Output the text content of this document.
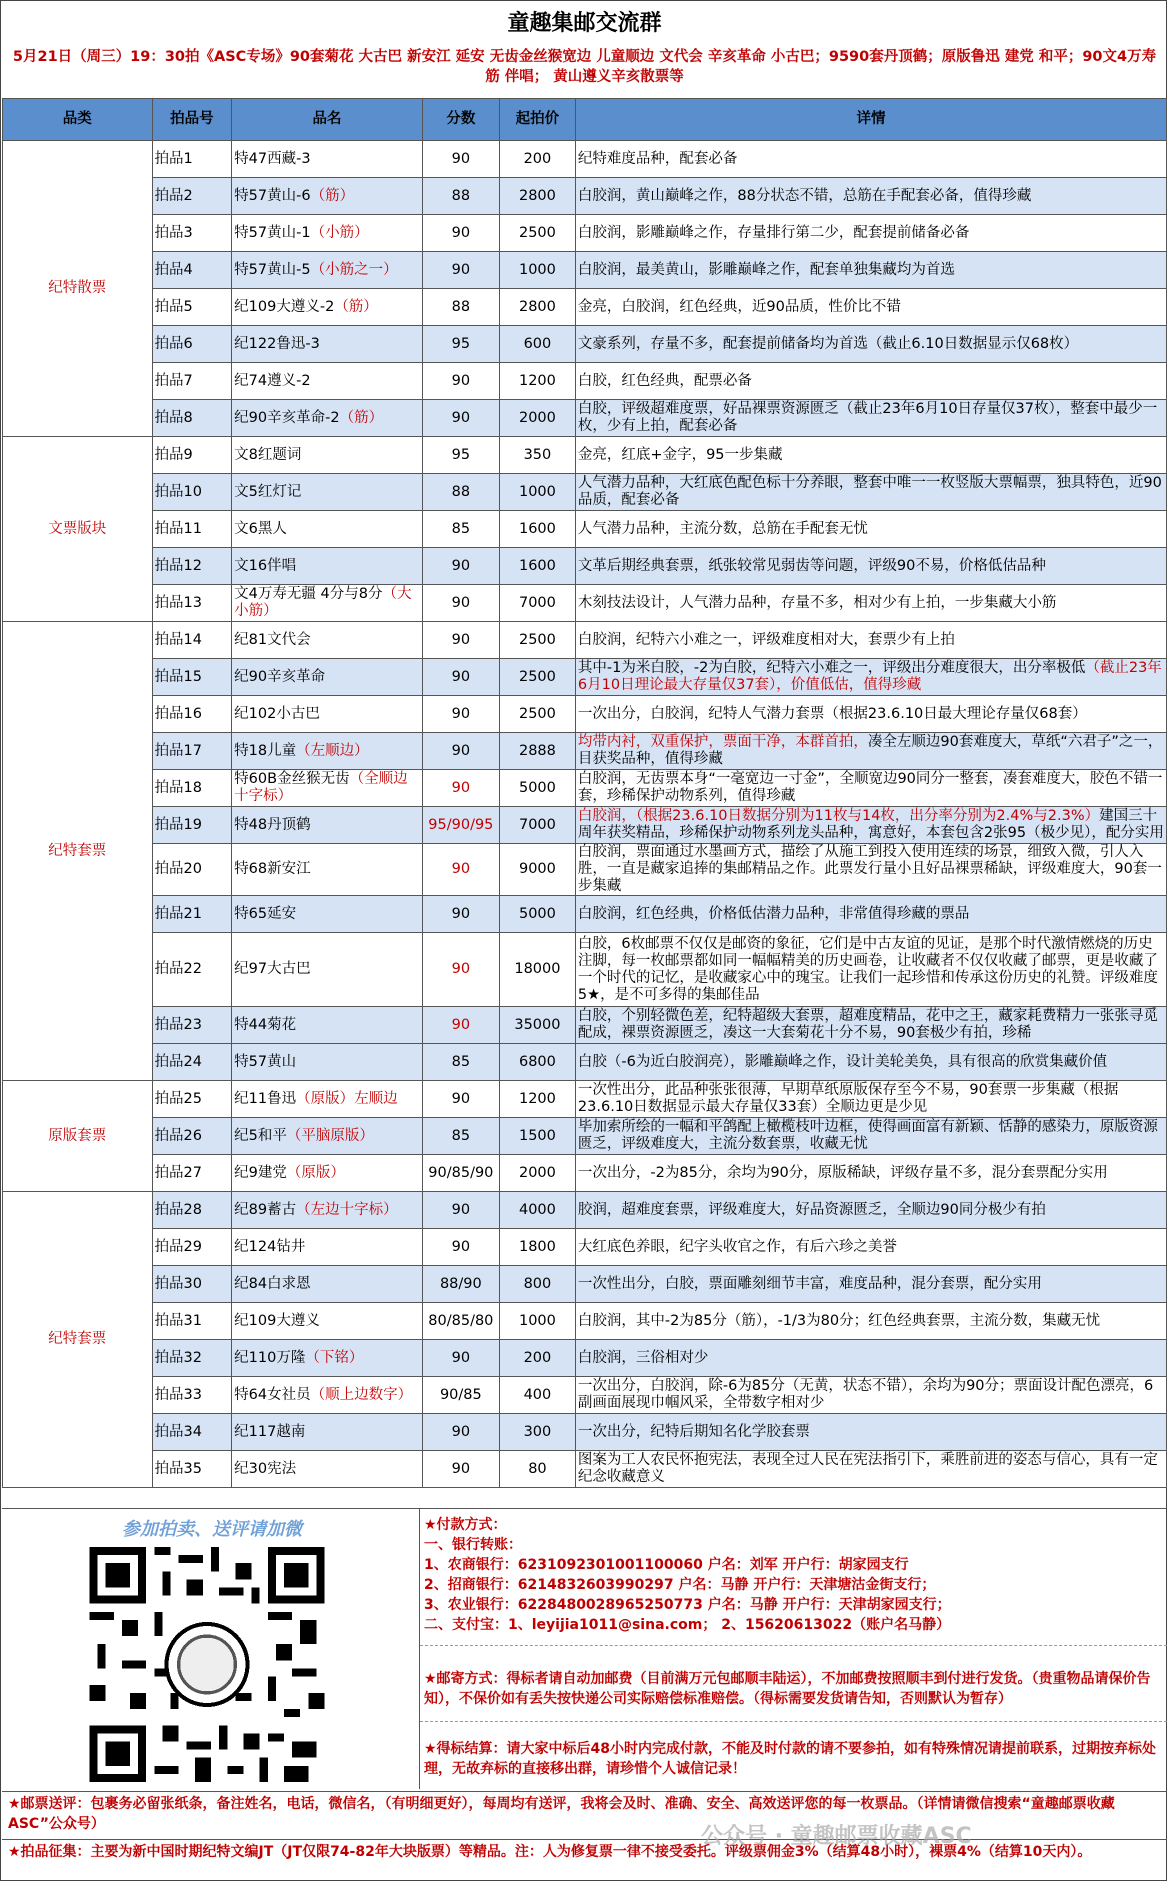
童趣集邮交流群
5月21日（周三）19：30拍《ASC专场》90套菊花 大古巴 新安江 延安 无齿金丝猴宽边 儿童顺边 文代会 辛亥革命 小古巴；9590套丹顶鹤；原版鲁迅 建党 和平；90文4万寿筋 伴唱； 黄山遵义辛亥散票等
品类	拍品号	品名	分数	起拍价	详情
纪特散票	拍品1	特47西藏-3	90	200	纪特难度品种，配套必备
	拍品2	特57黄山-6（筋）	88	2800	白胶润，黄山巅峰之作，88分状态不错，总筋在手配套必备，值得珍藏
	拍品3	特57黄山-1（小筋）	90	2500	白胶润，影雕巅峰之作，存量排行第二少，配套提前储备必备
	拍品4	特57黄山-5（小筋之一）	90	1000	白胶润，最美黄山，影雕巅峰之作，配套单独集藏均为首选
	拍品5	纪109大遵义-2（筋）	88	2800	金亮，白胶润，红色经典，近90品质，性价比不错
	拍品6	纪122鲁迅-3	95	600	文豪系列，存量不多，配套提前储备均为首选（截止6.10日数据显示仅68枚）
	拍品7	纪74遵义-2	90	1200	白胶，红色经典，配票必备
	拍品8	纪90辛亥革命-2（筋）	90	2000	白胶，评级超难度票，好品裸票资源匮乏（截止23年6月10日存量仅37枚），整套中最少一枚，少有上拍，配套必备
文票版块	拍品9	文8红题词	95	350	金亮，红底+金字，95一步集藏
	拍品10	文5红灯记	88	1000	人气潜力品种，大红底色配色标十分养眼，整套中唯一一枚竖版大票幅票，独具特色，近90品质，配套必备
	拍品11	文6黑人	85	1600	人气潜力品种，主流分数，总筋在手配套无忧
	拍品12	文16伴唱	90	1600	文革后期经典套票，纸张较常见弱齿等问题，评级90不易，价格低估品种
	拍品13	文4万寿无疆 4分与8分（大小筋）	90	7000	木刻技法设计，人气潜力品种，存量不多，相对少有上拍，一步集藏大小筋
纪特套票	拍品14	纪81文代会	90	2500	白胶润，纪特六小难之一，评级难度相对大，套票少有上拍
	拍品15	纪90辛亥革命	90	2500	其中-1为米白胶，-2为白胶，纪特六小难之一，评级出分难度很大，出分率极低（截止23年6月10日理论最大存量仅37套），价值低估，值得珍藏
	拍品16	纪102小古巴	90	2500	一次出分，白胶润，纪特人气潜力套票（根据23.6.10日最大理论存量仅68套）
	拍品17	特18儿童（左顺边）	90	2888	均带内衬，双重保护，票面干净，本群首拍，凑全左顺边90套难度大，草纸“六君子”之一，目获奖品种，值得珍藏
	拍品18	特60B金丝猴无齿（全顺边十字标）	90	5000	白胶润，无齿票本身“一毫宽边一寸金”，全顺宽边90同分一整套，凑套难度大，胶色不错一套，珍稀保护动物系列，值得珍藏
	拍品19	特48丹顶鹤	95/90/95	7000	白胶润，（根据23.6.10日数据分别为11枚与14枚，出分率分别为2.4%与2.3%）建国三十周年获奖精品，珍稀保护动物系列龙头品种，寓意好，本套包含2张95（极少见），配分实用
	拍品20	特68新安江	90	9000	白胶润，票面通过水墨画方式，描绘了从施工到投入使用连续的场景，细致入微，引人入胜，一直是藏家追捧的集邮精品之作。此票发行量小且好品裸票稀缺，评级难度大，90套一步集藏
	拍品21	特65延安	90	5000	白胶润，红色经典，价格低估潜力品种，非常值得珍藏的票品
	拍品22	纪97大古巴	90	18000	白胶，6枚邮票不仅仅是邮资的象征，它们是中古友谊的见证，是那个时代激情燃烧的历史注脚，每一枚邮票都如同一幅幅精美的历史画卷，让收藏者不仅仅收藏了邮票，更是收藏了一个时代的记忆，是收藏家心中的瑰宝。让我们一起珍惜和传承这份历史的礼赞。评级难度5★，是不可多得的集邮佳品
	拍品23	特44菊花	90	35000	白胶，个别轻微色差，纪特超级大套票，超难度精品，花中之王，藏家耗费精力一张张寻觅配成，裸票资源匮乏，凑这一大套菊花十分不易，90套极少有拍，珍稀
	拍品24	特57黄山	85	6800	白胶（-6为近白胶润亮），影雕巅峰之作，设计美轮美奂，具有很高的欣赏集藏价值
原版套票	拍品25	纪11鲁迅（原版）左顺边	90	1200	一次性出分，此品种张张很薄，早期草纸原版保存至今不易，90套票一步集藏（根据23.6.10日数据显示最大存量仅33套）全顺边更是少见
	拍品26	纪5和平（平脑原版）	85	1500	毕加索所绘的一幅和平鸽配上橄榄枝叶边框，使得画面富有新颖、恬静的感染力，原版资源匮乏，评级难度大，主流分数套票，收藏无忧
	拍品27	纪9建党（原版）	90/85/90	2000	一次出分，-2为85分，余均为90分，原版稀缺，评级存量不多，混分套票配分实用
纪特套票	拍品28	纪89蓄古（左边十字标）	90	4000	胶润，超难度套票，评级难度大，好品资源匮乏，全顺边90同分极少有拍
	拍品29	纪124钻井	90	1800	大红底色养眼，纪字头收官之作，有后六珍之美誉
	拍品30	纪84白求恩	88/90	800	一次性出分，白胶，票面雕刻细节丰富，难度品种，混分套票，配分实用
	拍品31	纪109大遵义	80/85/80	1000	白胶润，其中-2为85分（筋），-1/3为80分；红色经典套票，主流分数，集藏无忧
	拍品32	纪110万隆（下铭）	90	200	白胶润，三俗相对少
	拍品33	特64女社员（顺上边数字）	90/85	400	一次出分，白胶润，除-6为85分（无黄，状态不错），余均为90分；票面设计配色漂亮，6副画面展现巾帼风采，全带数字相对少
	拍品34	纪117越南	90	300	一次出分，纪特后期知名化学胶套票
	拍品35	纪30宪法	90	80	图案为工人农民怀抱宪法，表现全过人民在宪法指引下，乘胜前进的姿态与信心，具有一定纪念收藏意义
参加拍卖、送评请加微	★付款方式：
一、银行转账：
1、农商银行：6231092301001100060 户名：刘军 开户行：胡家园支行
2、招商银行：6214832603990297 户名：马静 开户行：天津塘沽金街支行；
3、农业银行：6228480028965250773 户名：马静 开户行：天津胡家园支行；
二、支付宝：1、leyijia1011@sina.com； 2、15620613022（账户名马静）
★邮寄方式：得标者请自动加邮费（目前满万元包邮顺丰陆运），不加邮费按照顺丰到付进行发货。（贵重物品请保价告知），不保价如有丢失按快递公司实际赔偿标准赔偿。（得标需要发货请告知，否则默认为暂存）
★得标结算：请大家中标后48小时内完成付款，不能及时付款的请不要参拍，如有特殊情况请提前联系，过期按弃标处理，无故弃标的直接移出群，请珍惜个人诚信记录！
★邮票送评：包裹务必留张纸条，备注姓名，电话，微信名，（有明细更好），每周均有送评，我将会及时、准确、安全、高效送评您的每一枚票品。（详情请微信搜索“童趣邮票收藏ASC”公众号）
★拍品征集：主要为新中国时期纪特文编JT（JT仅限74-82年大块版票）等精品。注：人为修复票一律不接受委托。评级票佣金3%（结算48小时），裸票4%（结算10天内）。
公众号 · 童趣邮票收藏ASC
